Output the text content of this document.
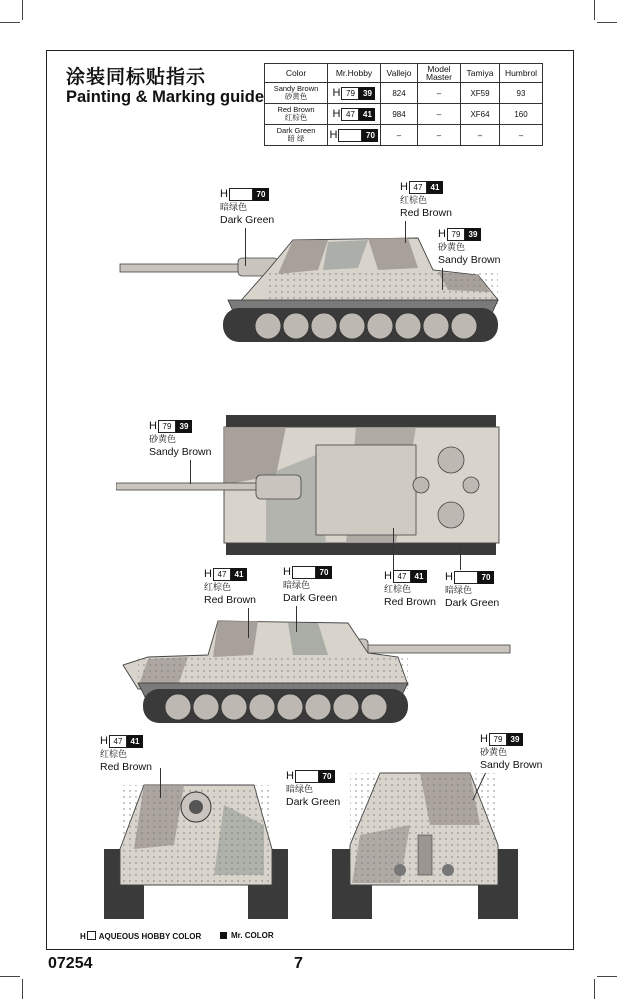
涂装同标贴指示
Painting & Marking guide
Color	Mr.Hobby	Vallejo	Model Master	Tamiya	Humbrol
Sandy Brown
砂黄色	H 79 39	824	–	XF59	93
Red Brown
红棕色	H 47 41	984	–	XF64	160
Dark Green
暗 绿	H 70	–	–	–	–
H	70

暗绿色
Dark Green
H 47	41

红棕色
Red Brown
H 79	39

砂黄色
Sandy Brown
H 79	39

砂黄色
Sandy Brown
H 47	41

红棕色
Red Brown
H	70

暗绿色
Dark Green
H 47	41

红棕色
Red Brown
H	70

暗绿色
Dark Green
H 47	41

红棕色
Red Brown
H	70

暗绿色
Dark Green
H 79	39

砂黄色
Sandy Brown
H AQUEOUS HOBBY COLOR	Mr. COLOR
07254	7
